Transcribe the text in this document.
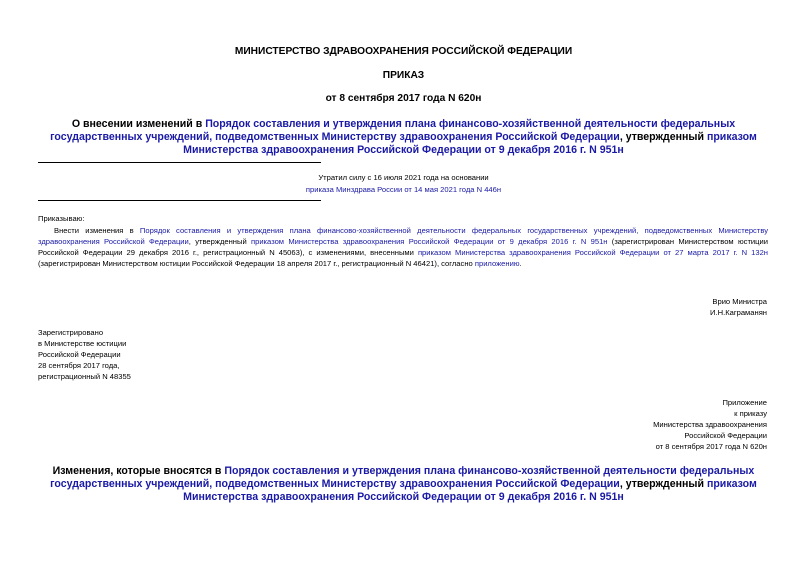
МИНИСТЕРСТВО ЗДРАВООХРАНЕНИЯ РОССИЙСКОЙ ФЕДЕРАЦИИ
ПРИКАЗ
от 8 сентября 2017 года N 620н
О внесении изменений в Порядок составления и утверждения плана финансово-хозяйственной деятельности федеральных государственных учреждений, подведомственных Министерству здравоохранения Российской Федерации, утвержденный приказом Министерства здравоохранения Российской Федерации от 9 декабря 2016 г. N 951н
Утратил силу с 16 июля 2021 года на основании
приказа Минздрава России от 14 мая 2021 года N 446н
Приказываю:
Внести изменения в Порядок составления и утверждения плана финансово-хозяйственной деятельности федеральных государственных учреждений, подведомственных Министерству здравоохранения Российской Федерации, утвержденный приказом Министерства здравоохранения Российской Федерации от 9 декабря 2016 г. N 951н (зарегистрирован Министерством юстиции Российской Федерации 29 декабря 2016 г., регистрационный N 45063), с изменениями, внесенными приказом Министерства здравоохранения Российской Федерации от 27 марта 2017 г. N 132н (зарегистрирован Министерством юстиции Российской Федерации 18 апреля 2017 г., регистрационный N 46421), согласно приложению.
Врио Министра
И.Н.Каграманян
Зарегистрировано
в Министерстве юстиции
Российской Федерации
28 сентября 2017 года,
регистрационный N 48355
Приложение
к приказу
Министерства здравоохранения
Российской Федерации
от 8 сентября 2017 года N 620н
Изменения, которые вносятся в Порядок составления и утверждения плана финансово-хозяйственной деятельности федеральных государственных учреждений, подведомственных Министерству здравоохранения Российской Федерации, утвержденный приказом Министерства здравоохранения Российской Федерации от 9 декабря 2016 г. N 951н
